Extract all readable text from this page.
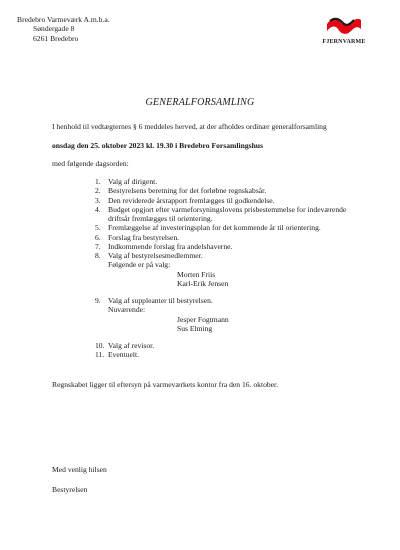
Bredebro Varmeværk A.m.b.a.
Søndergade 8
6261 Bredebro	FJERNVARME
GENERALFORSAMLING
I henhold til vedtægternes § 6 meddeles herved, at der afholdes ordinær generalforsamling
onsdag den 25. oktober 2023 kl. 19.30 i Bredebro Forsamlingshus
med følgende dagsorden:
1. Valg af dirigent.
2. Bestyrelsens beretning for det forløbne regnskabsår.
3. Den reviderede årsrapport fremlægges til godkendelse.
4. Budget opgjort efter varmeforsyningslovens prisbestemmelse for indeværende
driftsår fremlægges til orientering.
5. Fremlæggelse af investeringsplan for det kommende år til orientering.
6. Forslag fra bestyrelsen.
7. Indkommende forslag fra andelshaverne.
8. Valg af bestyrelsesmedlemmer.
Følgende er på valg:
Morten Friis
Karl-Erik Jensen
9. Valg af suppleanter til bestyrelsen.
Nuværende:
Jesper Fogtmann
Sus Elming
10. Valg af revisor.
11. Eventuelt.
Regnskabet ligger til eftersyn på varmeværkets kontor fra den 16. oktober.
Med venlig hilsen
Bestyrelsen
